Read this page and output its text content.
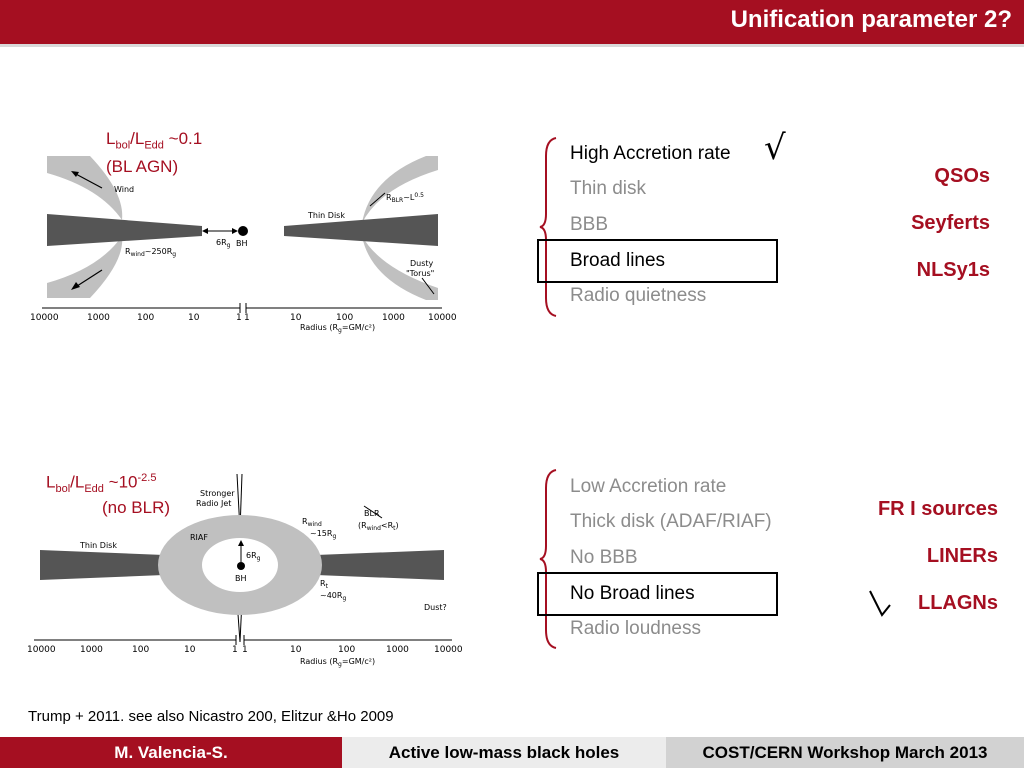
Unification parameter 2?
$L_{bol}/L_{Edd}$ ~0.1
(BL AGN)
10000	1000	100	10	1 1	10	100	1000	10000
Wind
$R_{wind}\sim 250R_g$
$6R_g$ BH
Thin Disk
$R_{BLR}\sim L^{0.5}$
Dusty
"Torus"
Radius $(R_g=GM/c^2)$
$L_{bol}/L_{Edd}$ $\sim 10^{-2.5}$
(no BLR)
10000	1000	100	10	1 1	10	100	1000	10000
Stronger
Radio Jet
Thin Disk
RIAF
$6R_g$
BH
$R_{wind}$
$\sim 15R_g$
BLR
$(R_{wind}<R_t)$
$R_t$
$\sim 40R_g$
Dust?
Radius $(R_g=GM/c^2)$
High Accretion rate
Thin disk
BBB
Broad lines
Radio quietness
√
QSOs
Seyferts
NLSy1s
Low Accretion rate
Thick disk (ADAF/RIAF)
No BBB
No Broad lines
Radio loudness
FR I sources
LINERs
LLAGNs
Trump + 2011. see also Nicastro 200, Elitzur &Ho 2009
M. Valencia-S.	Active low-mass black holes	COST/CERN Workshop March 2013
